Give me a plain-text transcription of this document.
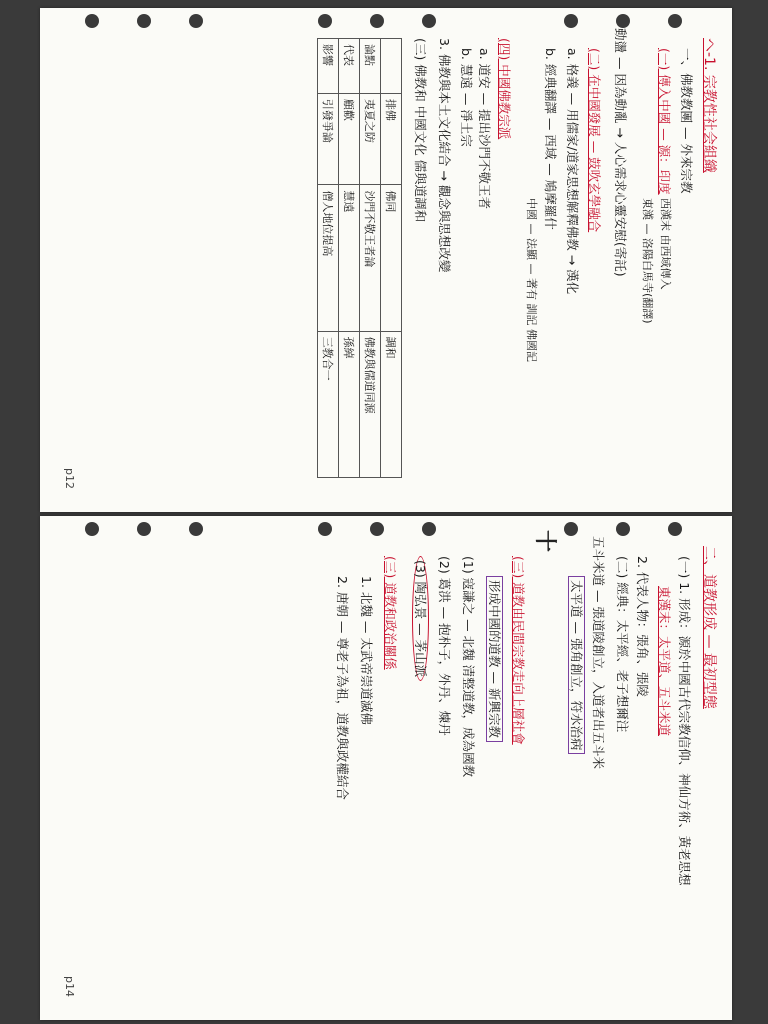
p12
ヘ-1. 宗教性社会組織
一、佛教教團 — 外來宗教
(一) 傳入中國 — 源：印度
西漢末 由西域傳入
東漢 — 洛陽白馬寺(翻譯)
動盪 — 因為動亂 → 人心需求心靈安慰(寄託)
(二) 在中國發展 — 鼓吹玄學融合
a. 格義 — 用儒家/道家思想解釋佛教 → 漢化
b. 經典翻譯 — 西域 — 鳩摩羅什
中國 — 法顯 — 著有 訓記 佛國記
(四) 中國佛教宗派
a. 道安 — 提出沙門不敬王者
b. 慧遠 — 淨土宗
3. 佛教與本土文化結合 → 觀念與思想改變
(三) 佛教和 中國文化 儒與道調和
	排佛	佛同	調和
論點	夷夏之防	沙門不敬王者論	佛教與儒道同源
代表	顧歡	慧遠	孫綽
影響	引發爭論	僧人地位提高	三教合一
p14
二、道教形成 — 最初型態
(一) 1. 形成：源於中國古代宗教信仰、神仙方術、黃老思想
東漢末：太平道、五斗米道
2. 代表人物：張角、張陵
(二) 經典：太平經、老子想爾注
五斗米道 — 張道陵創立，入道者出五斗米
太平道 — 張角創立，符水治病
十
(三) 道教由民間宗教走向上層社會
形成中國的道教 — 新興宗教
(1) 寇謙之 — 北魏 清整道教，成為國教
(2) 葛洪 — 抱朴子，外丹、煉丹
(3) 陶弘景 — 茅山派
(三) 道教和政治關係
1. 北魏 — 太武帝崇道滅佛
2. 唐朝 — 尊老子為祖，道教與政權結合
